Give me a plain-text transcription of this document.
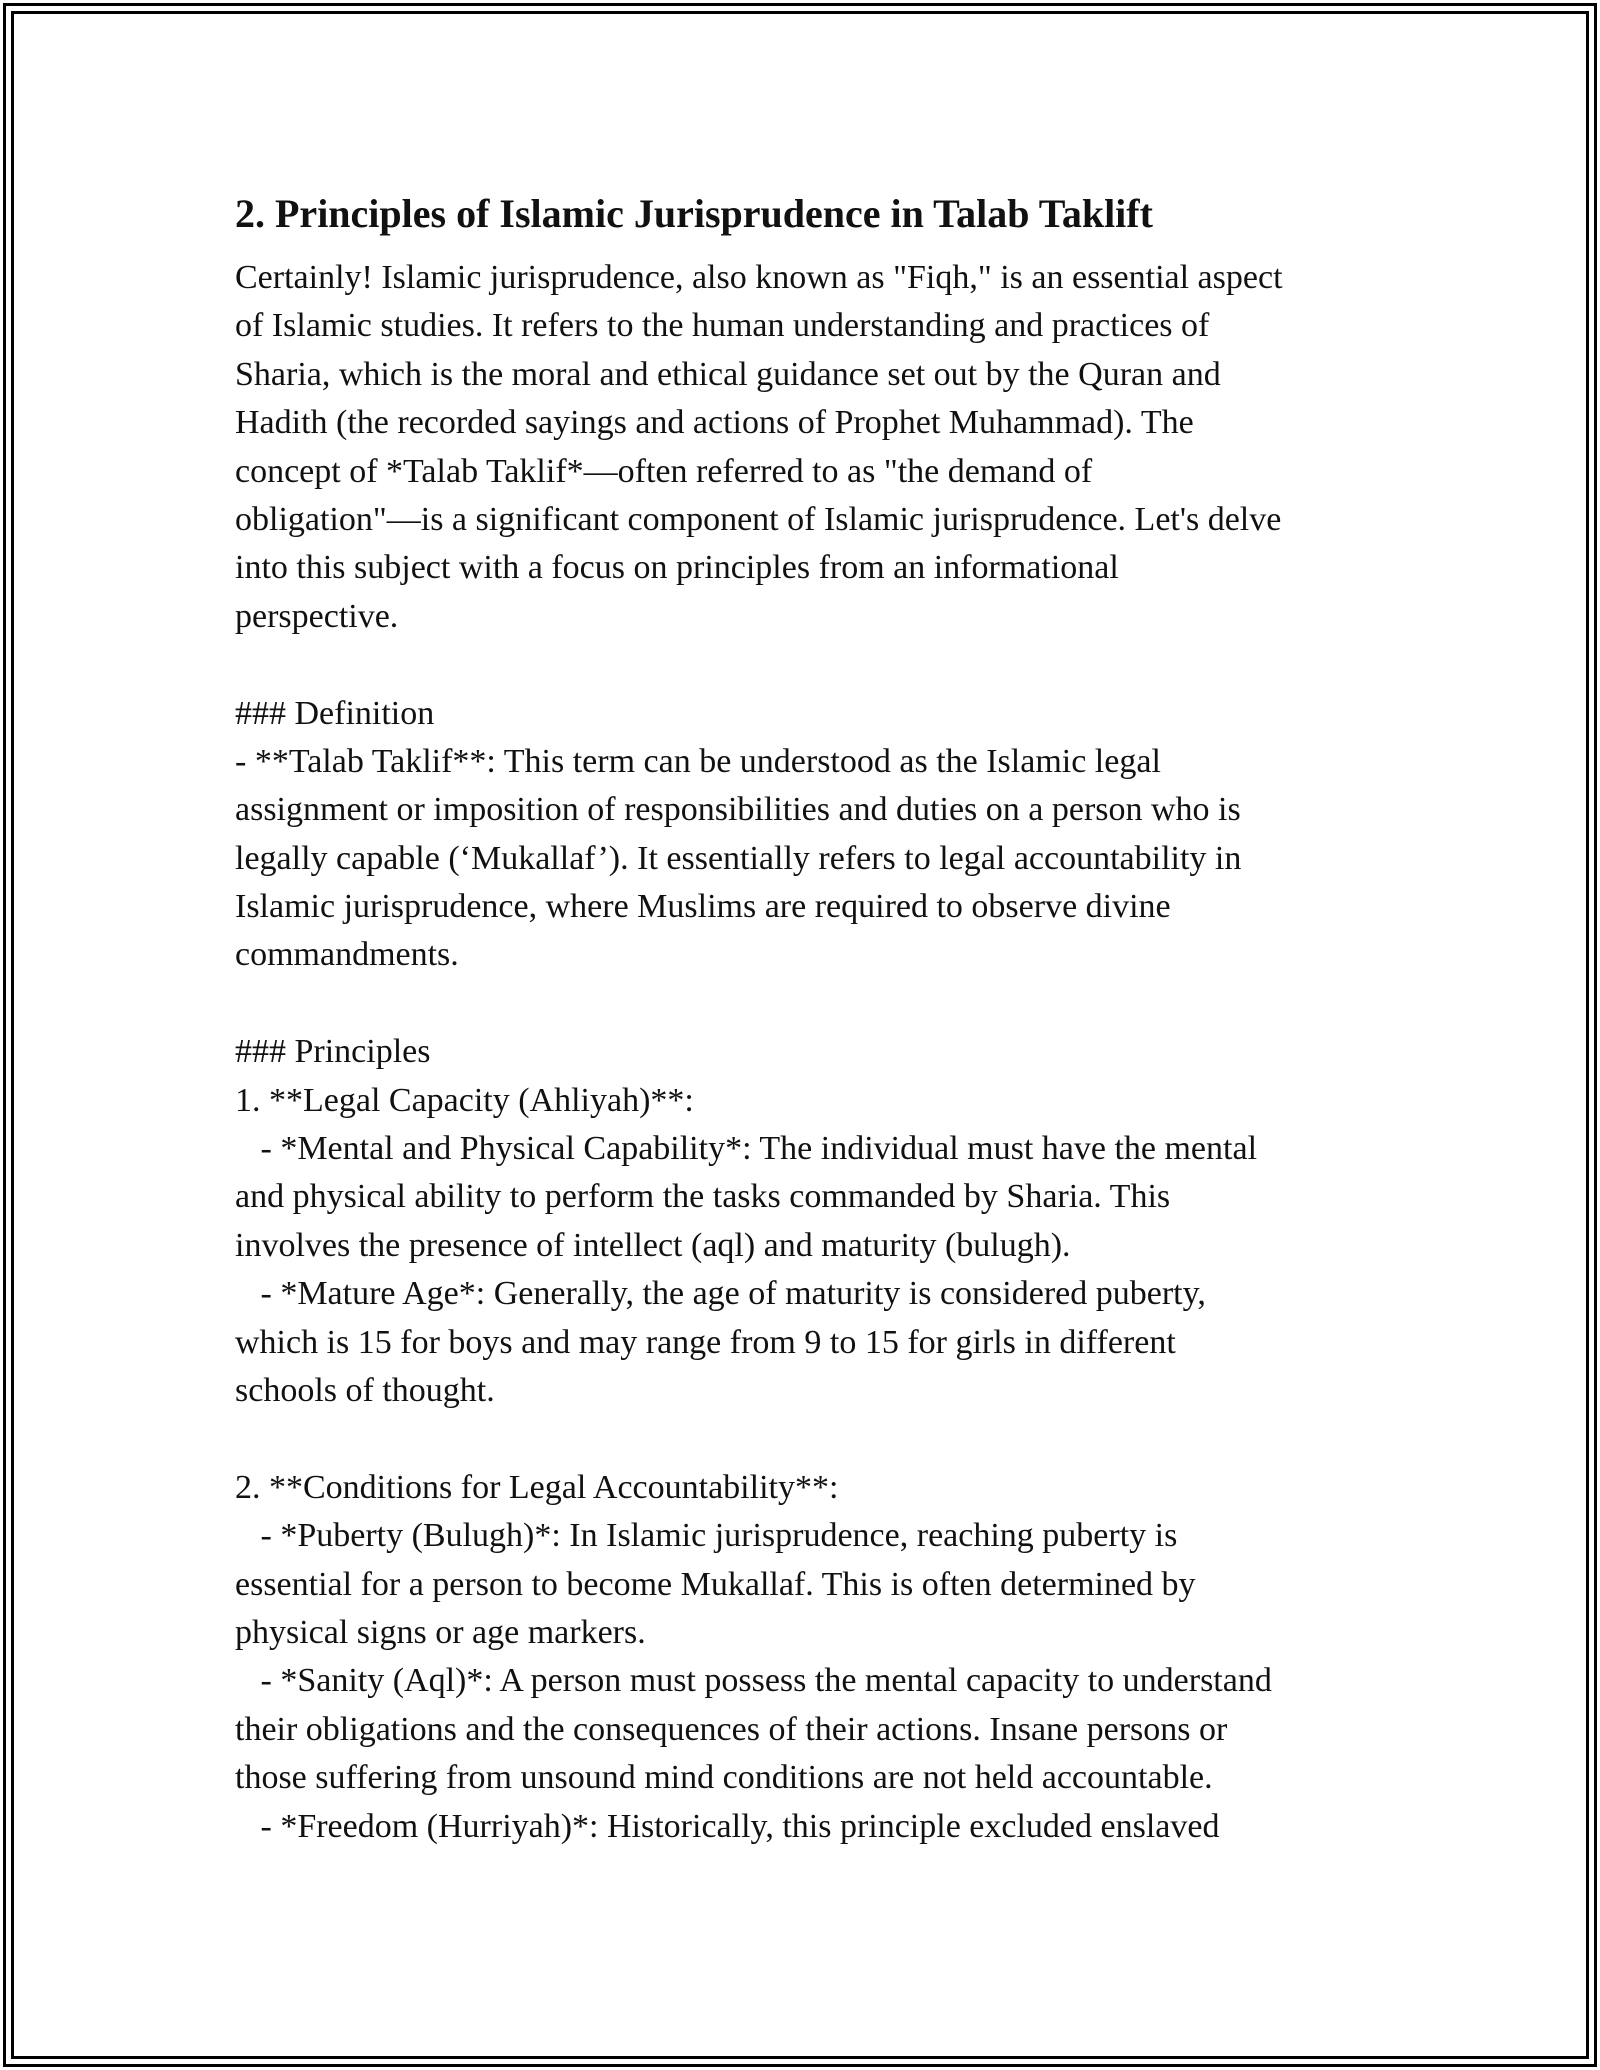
2. Principles of Islamic Jurisprudence in Talab Taklift
Certainly! Islamic jurisprudence, also known as "Fiqh," is an essential aspect
of Islamic studies. It refers to the human understanding and practices of
Sharia, which is the moral and ethical guidance set out by the Quran and
Hadith (the recorded sayings and actions of Prophet Muhammad). The
concept of *Talab Taklif*—often referred to as "the demand of
obligation"—is a significant component of Islamic jurisprudence. Let's delve
into this subject with a focus on principles from an informational
perspective.
### Definition
- **Talab Taklif**: This term can be understood as the Islamic legal
assignment or imposition of responsibilities and duties on a person who is
legally capable (‘Mukallaf’). It essentially refers to legal accountability in
Islamic jurisprudence, where Muslims are required to observe divine
commandments.
### Principles
1. **Legal Capacity (Ahliyah)**:
- *Mental and Physical Capability*: The individual must have the mental
and physical ability to perform the tasks commanded by Sharia. This
involves the presence of intellect (aql) and maturity (bulugh).
- *Mature Age*: Generally, the age of maturity is considered puberty,
which is 15 for boys and may range from 9 to 15 for girls in different
schools of thought.
2. **Conditions for Legal Accountability**:
- *Puberty (Bulugh)*: In Islamic jurisprudence, reaching puberty is
essential for a person to become Mukallaf. This is often determined by
physical signs or age markers.
- *Sanity (Aql)*: A person must possess the mental capacity to understand
their obligations and the consequences of their actions. Insane persons or
those suffering from unsound mind conditions are not held accountable.
- *Freedom (Hurriyah)*: Historically, this principle excluded enslaved
